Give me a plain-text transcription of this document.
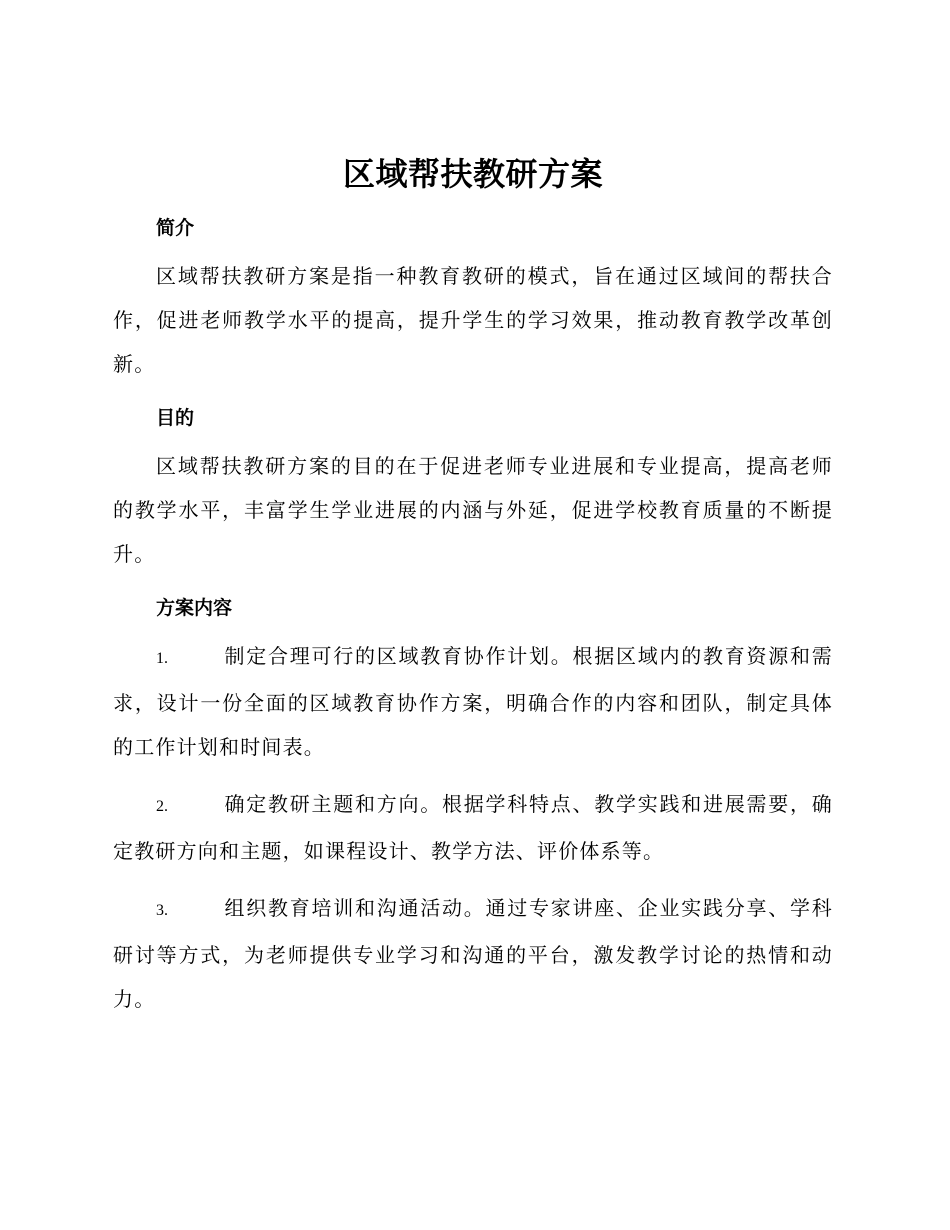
区域帮扶教研方案
简介

区域帮扶教研方案是指一种教育教研的模式，旨在通过区域间的帮扶合作，促进老师教学水平的提高，提升学生的学习效果，推动教育教学改革创新。

目的

区域帮扶教研方案的目的在于促进老师专业进展和专业提高，提高老师的教学水平，丰富学生学业进展的内涵与外延，促进学校教育质量的不断提升。

方案内容

1.	制定合理可行的区域教育协作计划。根据区域内的教育资源和需求，设计一份全面的区域教育协作方案，明确合作的内容和团队，制定具体的工作计划和时间表。

2.	确定教研主题和方向。根据学科特点、教学实践和进展需要，确定教研方向和主题，如课程设计、教学方法、评价体系等。

3.	组织教育培训和沟通活动。通过专家讲座、企业实践分享、学科研讨等方式，为老师提供专业学习和沟通的平台，激发教学讨论的热情和动力。
